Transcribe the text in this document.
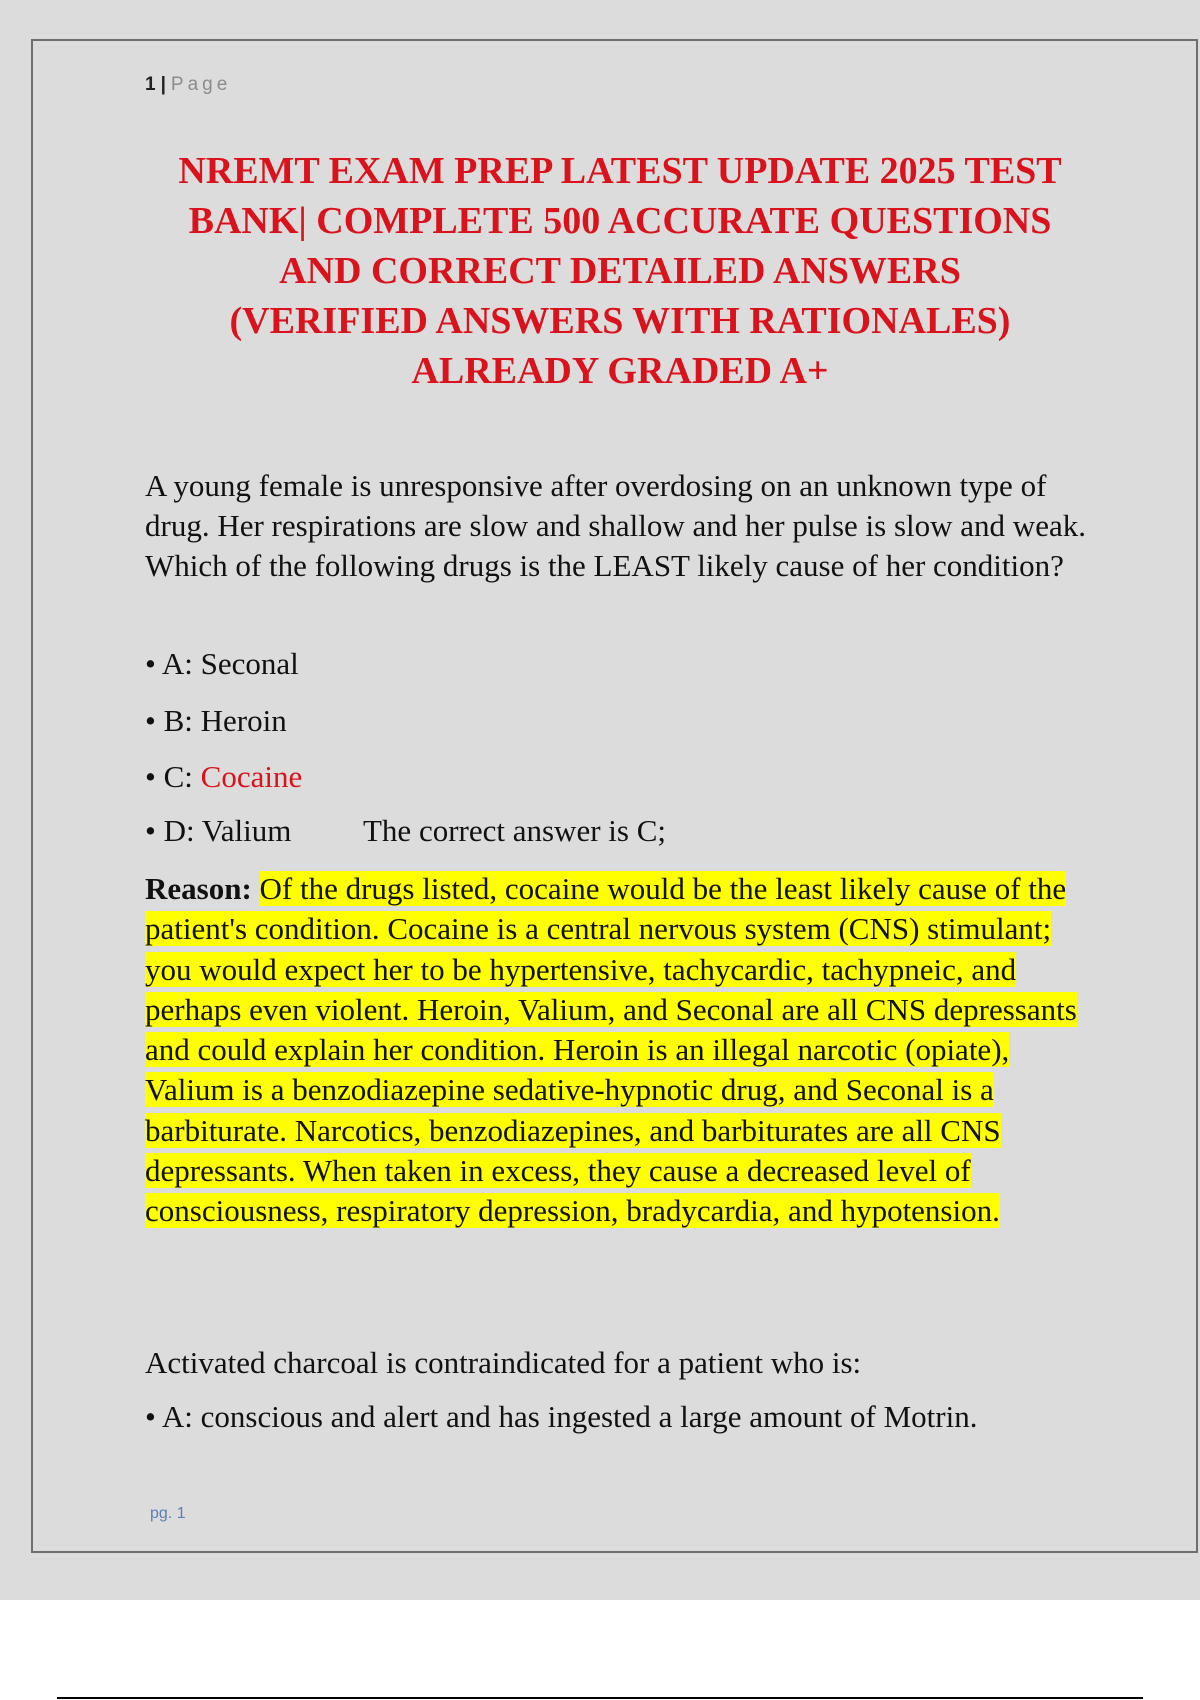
1 | Page
NREMT EXAM PREP LATEST UPDATE 2025 TEST
BANK| COMPLETE 500 ACCURATE QUESTIONS
AND CORRECT DETAILED ANSWERS
(VERIFIED ANSWERS WITH RATIONALES)
ALREADY GRADED A+
A young female is unresponsive after overdosing on an unknown type of drug. Her respirations are slow and shallow and her pulse is slow and weak. Which of the following drugs is the LEAST likely cause of her condition?
• A: Seconal
• B: Heroin
• C: Cocaine
• D: Valium The correct answer is C;
Reason: Of the drugs listed, cocaine would be the least likely cause of the patient's condition. Cocaine is a central nervous system (CNS) stimulant; you would expect her to be hypertensive, tachycardic, tachypneic, and perhaps even violent. Heroin, Valium, and Seconal are all CNS depressants and could explain her condition. Heroin is an illegal narcotic (opiate), Valium is a benzodiazepine sedative-hypnotic drug, and Seconal is a barbiturate. Narcotics, benzodiazepines, and barbiturates are all CNS depressants. When taken in excess, they cause a decreased level of consciousness, respiratory depression, bradycardia, and hypotension.
Activated charcoal is contraindicated for a patient who is:
• A: conscious and alert and has ingested a large amount of Motrin.
pg. 1
